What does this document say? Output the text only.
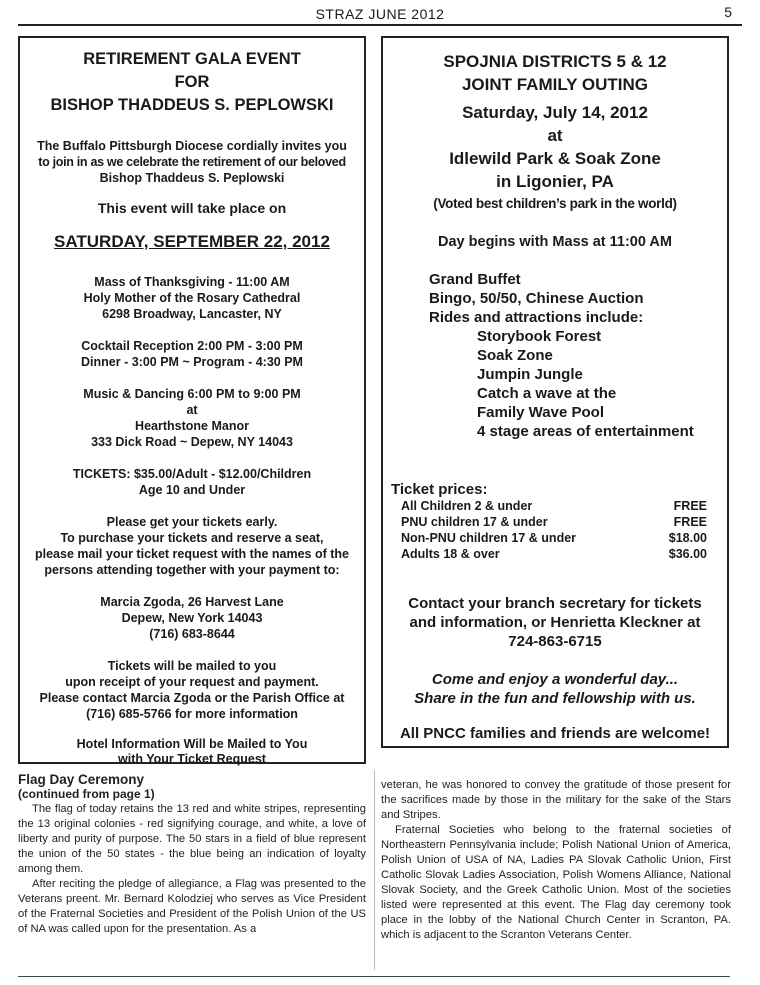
STRAZ JUNE 2012	5
RETIREMENT GALA EVENT
FOR
BISHOP THADDEUS S. PEPLOWSKI
The Buffalo Pittsburgh Diocese cordially invites you
to join in as we celebrate the retirement of our beloved
Bishop Thaddeus S. Peplowski
This event will take place on
SATURDAY, SEPTEMBER 22, 2012
Mass of Thanksgiving - 11:00 AM
Holy Mother of the Rosary Cathedral
6298 Broadway, Lancaster, NY
Cocktail Reception 2:00 PM - 3:00 PM
Dinner - 3:00 PM ~ Program - 4:30 PM
Music & Dancing 6:00 PM to 9:00 PM
at
Hearthstone Manor
333 Dick Road ~ Depew, NY 14043
TICKETS: $35.00/Adult - $12.00/Children
Age 10 and Under
Please get your tickets early.
To purchase your tickets and reserve a seat,
please mail your ticket request with the names of the
persons attending together with your payment to:
Marcia Zgoda, 26 Harvest Lane
Depew, New York 14043
(716) 683-8644
Tickets will be mailed to you
upon receipt of your request and payment.
Please contact Marcia Zgoda or the Parish Office at
(716) 685-5766 for more information
Hotel Information Will be Mailed to You
with Your Ticket Request
SPOJNIA DISTRICTS 5 & 12
JOINT FAMILY OUTING
Saturday, July 14, 2012
at
Idlewild Park & Soak Zone
in Ligonier, PA
(Voted best children’s park in the world)
Day begins with Mass at 11:00 AM
Grand Buffet
Bingo, 50/50, Chinese Auction
Rides and attractions include:
Storybook Forest
Soak Zone
Jumpin Jungle
Catch a wave at the
Family Wave Pool
4 stage areas of entertainment
Ticket prices:
All Children 2 & under	FREE
PNU children 17 & under	FREE
Non-PNU children 17 & under	$18.00
Adults 18 & over	$36.00
Contact your branch secretary for tickets
and information, or Henrietta Kleckner at
724-863-6715
Come and enjoy a wonderful day...
Share in the fun and fellowship with us.
All PNCC families and friends are welcome!

Flag Day Ceremony

(continued from page 1)

The flag of today retains the 13 red and white stripes, representing the 13 original colonies - red signifying courage, and white, a love of liberty and purity of purpose. The 50 stars in a field of blue represent the union of the 50 states - the blue being an indication of loyalty among them.

After reciting the pledge of allegiance, a Flag was presented to the Veterans preent. Mr. Bernard Kolodziej who serves as Vice President of the Fraternal Societies and President of the Polish Union of the US of NA was called upon for the presentation. As a

veteran, he was honored to convey the gratitude of those present for the sacrifices made by those in the military for the sake of the Stars and Stripes.

Fraternal Societies who belong to the fraternal societies of Northeastern Pennsylvania include; Polish National Union of America, Polish Union of USA of NA, Ladies PA Slovak Catholic Union, First Catholic Slovak Ladies Association, Polish Womens Alliance, National Slovak Society, and the Greek Catholic Union. Most of the societies listed were represented at this event. The Flag day ceremony took place in the lobby of the National Church Center in Scranton, PA. which is adjacent to the Scranton Veterans Center.
